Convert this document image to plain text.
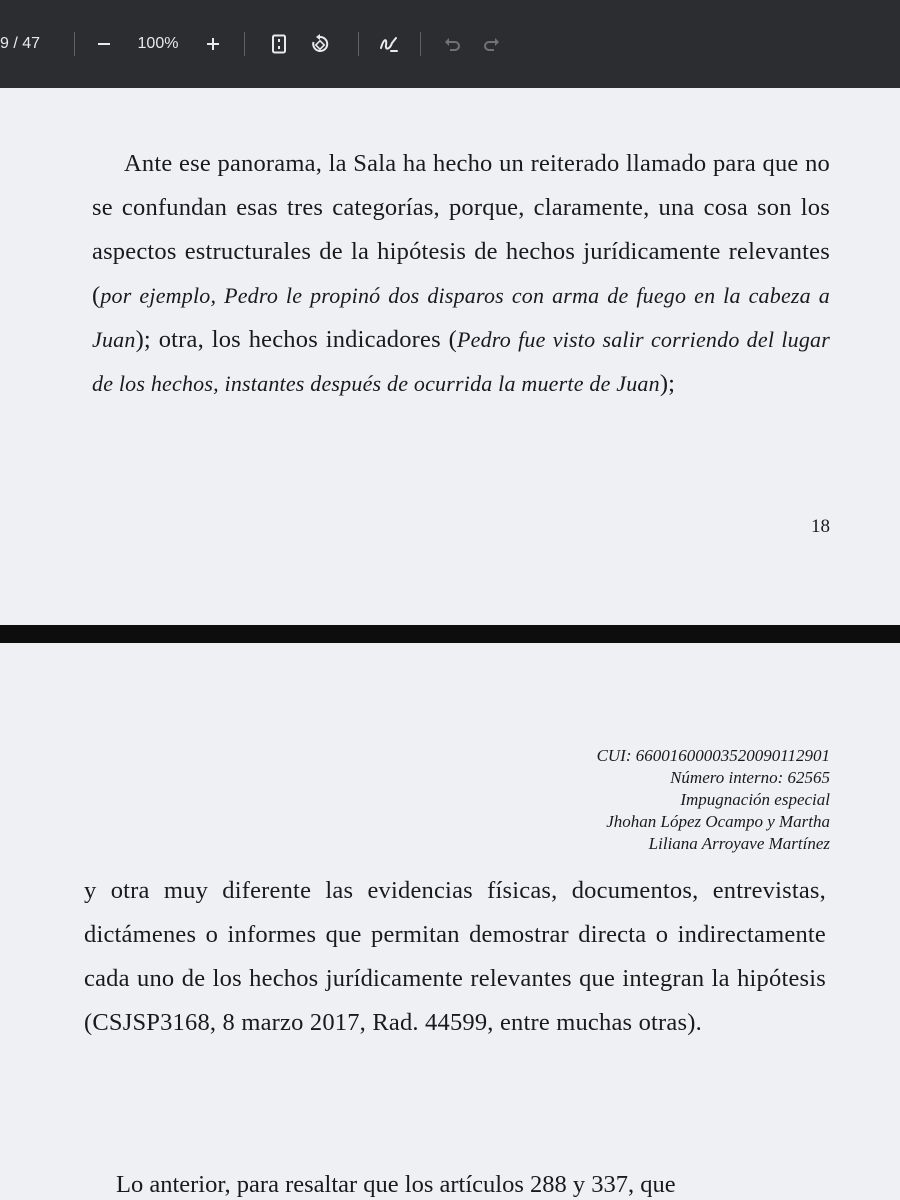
9 / 47	100%

Ante ese panorama, la Sala ha hecho un reiterado llamado para que no se confundan esas tres categorías, porque, claramente, una cosa son los aspectos estructurales de la hipótesis de hechos jurídicamente relevantes (por ejemplo, Pedro le propinó dos disparos con arma de fuego en la cabeza a Juan); otra, los hechos indicadores (Pedro fue visto salir corriendo del lugar de los hechos, instantes después de ocurrida la muerte de Juan);

18
CUI: 66001600003520090112901
Número interno: 62565
Impugnación especial
Jhohan López Ocampo y Martha
Liliana Arroyave Martínez

y otra muy diferente las evidencias físicas, documentos, entrevistas, dictámenes o informes que permitan demostrar directa o indirectamente cada uno de los hechos jurídicamente relevantes que integran la hipótesis (CSJSP3168, 8 marzo 2017, Rad. 44599, entre muchas otras).

Lo anterior, para resaltar que los artículos 288 y 337, que
